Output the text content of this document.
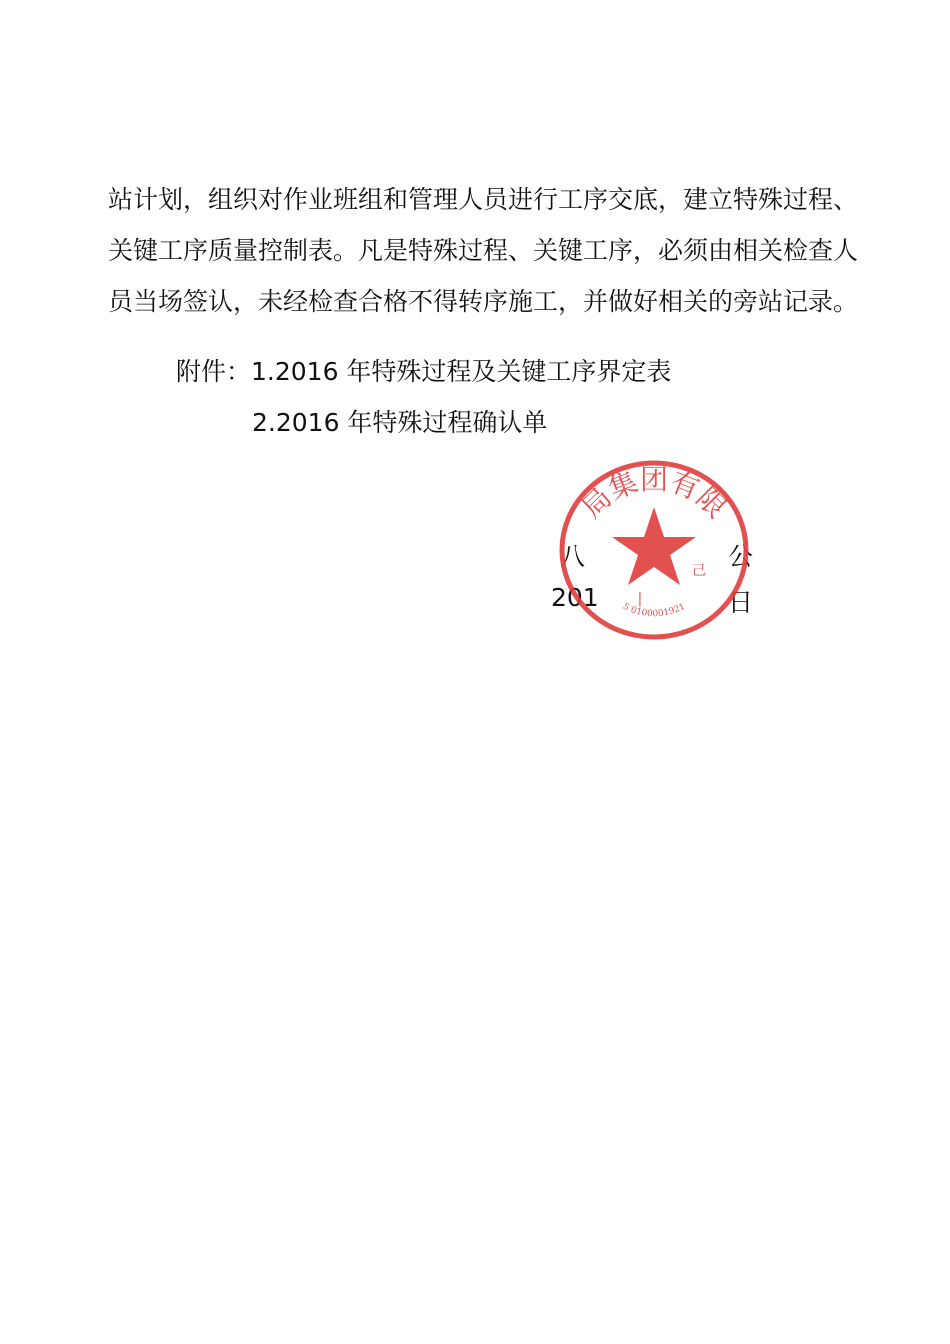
站计划，组织对作业班组和管理人员进行工序交底，建立特殊过程、
关键工序质量控制表。凡是特殊过程、关键工序，必须由相关检查人
员当场签认，未经检查合格不得转序施工，并做好相关的旁站记录。
附件：1.2016 年特殊过程及关键工序界定表
2.2016 年特殊过程确认单
八	公
201	日
局集团有限
5 0100001921
丨
己
